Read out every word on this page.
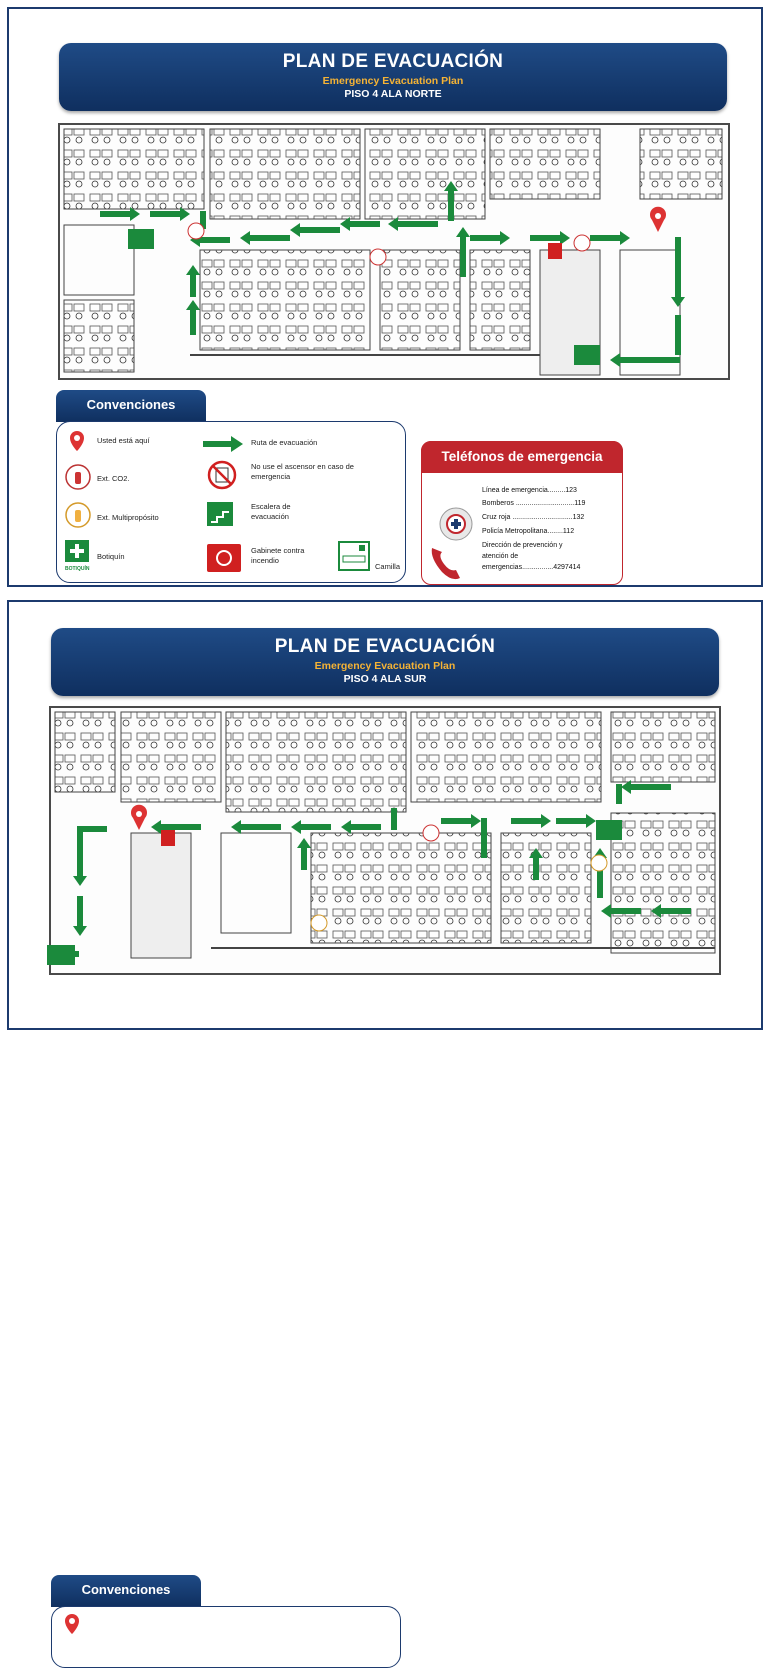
PLAN DE EVACUACIÓN
Emergency Evacuation Plan
PISO 4 ALA NORTE
Convenciones
Usted está aquí
Ext. CO2.
Ext. Multipropósito
BOTIQUÍN
Botiquín
Ruta de evacuación
No use el ascensor en caso de emergencia
Escalera de evacuación
Gabinete contra incendio
Camilla
Teléfonos de emergencia
Línea de emergencia.........123
Bomberos ..............................119
Cruz roja ...............................132
Policía Metropolitana........112
Dirección de prevención y
atención de
emergencias................4297414
PLAN DE EVACUACIÓN
Emergency Evacuation Plan
PISO 4 ALA SUR
Convenciones
